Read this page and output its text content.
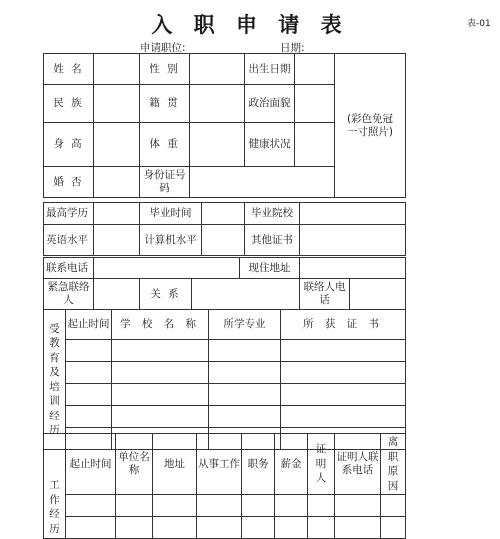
入 职 申 请 表	表-01
申请职位:	日期:
姓 名		性 别		出生日期		(彩色免冠一寸照片)
民 族		籍 贯		政治面貌		
身 高		体 重		健康状况		
婚 否		身份证号码				
最高学历		毕业时间		毕业院校	
英语水平		计算机水平		其他证书	
联系电话				现住地址		
紧急联络人		关 系			联络人电话	
受教育及培训经历	起止时间	学 校 名 称	所学专业	所 获 证 书

工作经历	起止时间	单位名称	地址	从事工作	职务	薪金	证明人	证明人联系电话	离职原因
